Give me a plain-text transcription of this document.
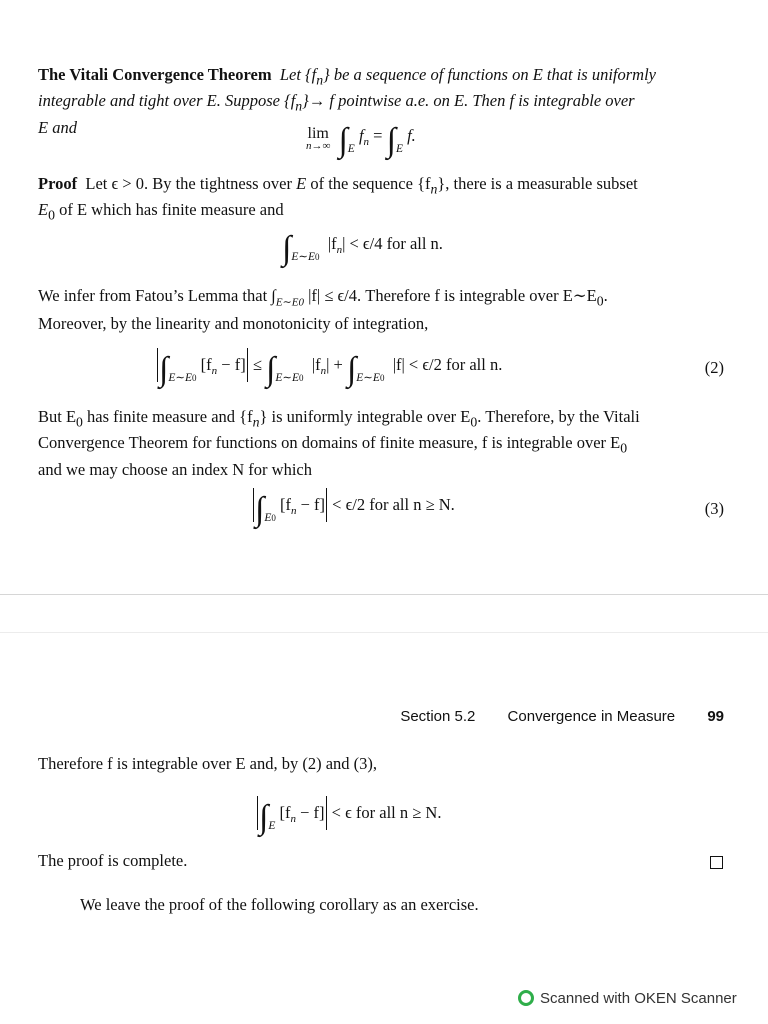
The Vitali Convergence Theorem Let $\{f_n\}$ be a sequence of functions on E that is uniformly
integrable and tight over E. Suppose $\{f_n\}\to f$ pointwise a.e. on E. Then f is integrable over
E and	lim
n→∞ $\int_E$ $f_n = \int_E$ f.
Proof Let ϵ > 0. By the tightness over E of the sequence $\{f_n\}$, there is a measurable subset
$E_0$ of E which has finite measure and
$\int_{E\sim E0}$  $|f_n| < \epsilon/4$ for all n.
We infer from Fatou’s Lemma that $\int_{E\sim E0}$ |f| ≤ ϵ/4. Therefore f is integrable over $E\sim E_0$.
Moreover, by the linearity and monotonicity of integration,
$\int_{E\sim E0}$ $[f_n - f] \le \int_{E\sim E0}$  $|f_n| + \int_{E\sim E0}$  |f| < ϵ/2 for all n.	(2)
But $E_0$ has finite measure and $\{f_n\}$ is uniformly integrable over $E_0$. Therefore, by the Vitali
Convergence Theorem for functions on domains of finite measure, f is integrable over $E_0$
and we may choose an index N for which
$\int_{E0}$ $[f_n - f] < \epsilon/2$ for all n ≥ N.	(3)
Section 5.2 Convergence in Measure 99
Therefore f is integrable over E and, by (2) and (3),
$\int_E$ $[f_n - f] < \epsilon$ for all n ≥ N.
The proof is complete.
We leave the proof of the following corollary as an exercise.
Scanned with OKEN Scanner
